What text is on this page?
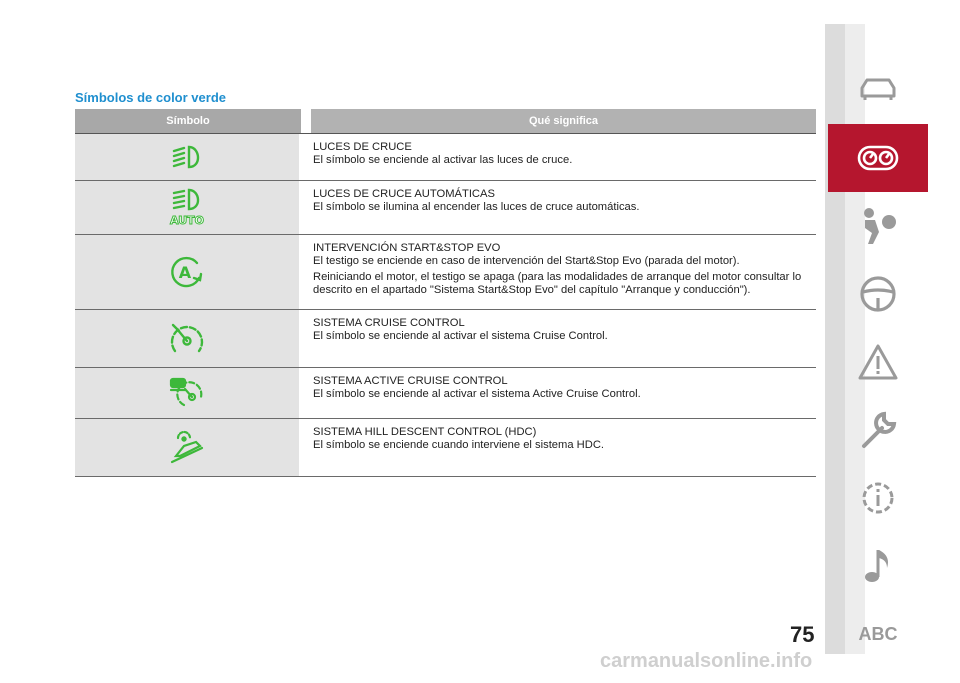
Símbolos de color verde
Símbolo	Qué significa
LUCES DE CRUCE
El símbolo se enciende al activar las luces de cruce.
AUTO
LUCES DE CRUCE AUTOMÁTICAS
El símbolo se ilumina al encender las luces de cruce automáticas.
A
INTERVENCIÓN START&STOP EVO

El testigo se enciende en caso de intervención del Start&Stop Evo (parada del motor).

Reiniciando el motor, el testigo se apaga (para las modalidades de arranque del motor consultar lo descrito en el apartado "Sistema Start&Stop Evo" del capítulo "Arranque y conducción").

SISTEMA CRUISE CONTROL
El símbolo se enciende al activar el sistema Cruise Control.
SISTEMA ACTIVE CRUISE CONTROL
El símbolo se enciende al activar el sistema Active Cruise Control.
SISTEMA HILL DESCENT CONTROL (HDC)
El símbolo se enciende cuando interviene el sistema HDC.
ABC
75
carmanualsonline.info
